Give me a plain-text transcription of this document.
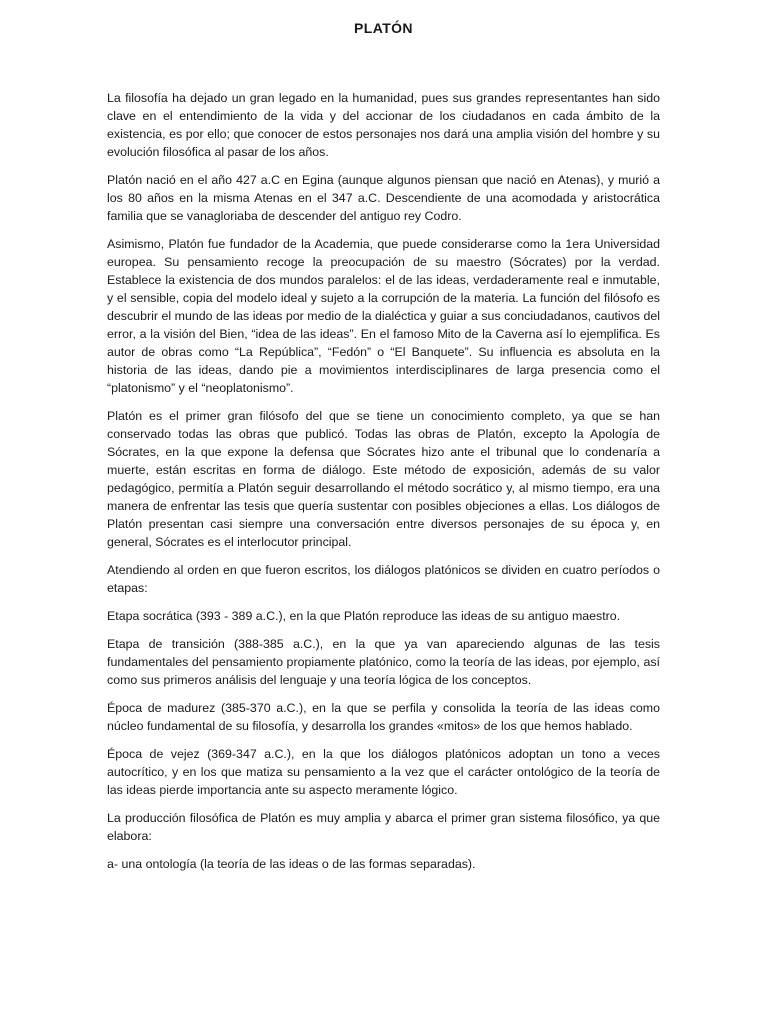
PLATÓN

La filosofía ha dejado un gran legado en la humanidad, pues sus grandes representantes han sido clave en el entendimiento de la vida y del accionar de los ciudadanos en cada ámbito de la existencia, es por ello; que conocer de estos personajes nos dará una amplia visión del hombre y su evolución filosófica al pasar de los años.

Platón nació en el año 427 a.C en Egina (aunque algunos piensan que nació en Atenas), y murió a los 80 años en la misma Atenas en el 347 a.C. Descendiente de una acomodada y aristocrática familia que se vanagloriaba de descender del antiguo rey Codro.

Asimismo, Platón fue fundador de la Academia, que puede considerarse como la 1era Universidad europea. Su pensamiento recoge la preocupación de su maestro (Sócrates) por la verdad. Establece la existencia de dos mundos paralelos: el de las ideas, verdaderamente real e inmutable, y el sensible, copia del modelo ideal y sujeto a la corrupción de la materia. La función del filósofo es descubrir el mundo de las ideas por medio de la dialéctica y guiar a sus conciudadanos, cautivos del error, a la visión del Bien, “idea de las ideas”. En el famoso Mito de la Caverna así lo ejemplifica. Es autor de obras como “La República”, “Fedón” o “El Banquete”. Su influencia es absoluta en la historia de las ideas, dando pie a movimientos interdisciplinares de larga presencia como el “platonismo” y el “neoplatonismo”.

Platón es el primer gran filósofo del que se tiene un conocimiento completo, ya que se han conservado todas las obras que publicó. Todas las obras de Platón, excepto la Apología de Sócrates, en la que expone la defensa que Sócrates hizo ante el tribunal que lo condenaría a muerte, están escritas en forma de diálogo. Este método de exposición, además de su valor pedagógico, permitía a Platón seguir desarrollando el método socrático y, al mismo tiempo, era una manera de enfrentar las tesis que quería sustentar con posibles objeciones a ellas. Los diálogos de Platón presentan casi siempre una conversación entre diversos personajes de su época y, en general, Sócrates es el interlocutor principal.

Atendiendo al orden en que fueron escritos, los diálogos platónicos se dividen en cuatro períodos o etapas:

Etapa socrática (393 - 389 a.C.), en la que Platón reproduce las ideas de su antiguo maestro.

Etapa de transición (388-385 a.C.), en la que ya van apareciendo algunas de las tesis fundamentales del pensamiento propiamente platónico, como la teoría de las ideas, por ejemplo, así como sus primeros análisis del lenguaje y una teoría lógica de los conceptos.

Época de madurez (385-370 a.C.), en la que se perfila y consolida la teoría de las ideas como núcleo fundamental de su filosofía, y desarrolla los grandes «mitos» de los que hemos hablado.

Época de vejez (369-347 a.C.), en la que los diálogos platónicos adoptan un tono a veces autocrítico, y en los que matiza su pensamiento a la vez que el carácter ontológico de la teoría de las ideas pierde importancia ante su aspecto meramente lógico.

La producción filosófica de Platón es muy amplia y abarca el primer gran sistema filosófico, ya que elabora:

a- una ontología (la teoría de las ideas o de las formas separadas).
